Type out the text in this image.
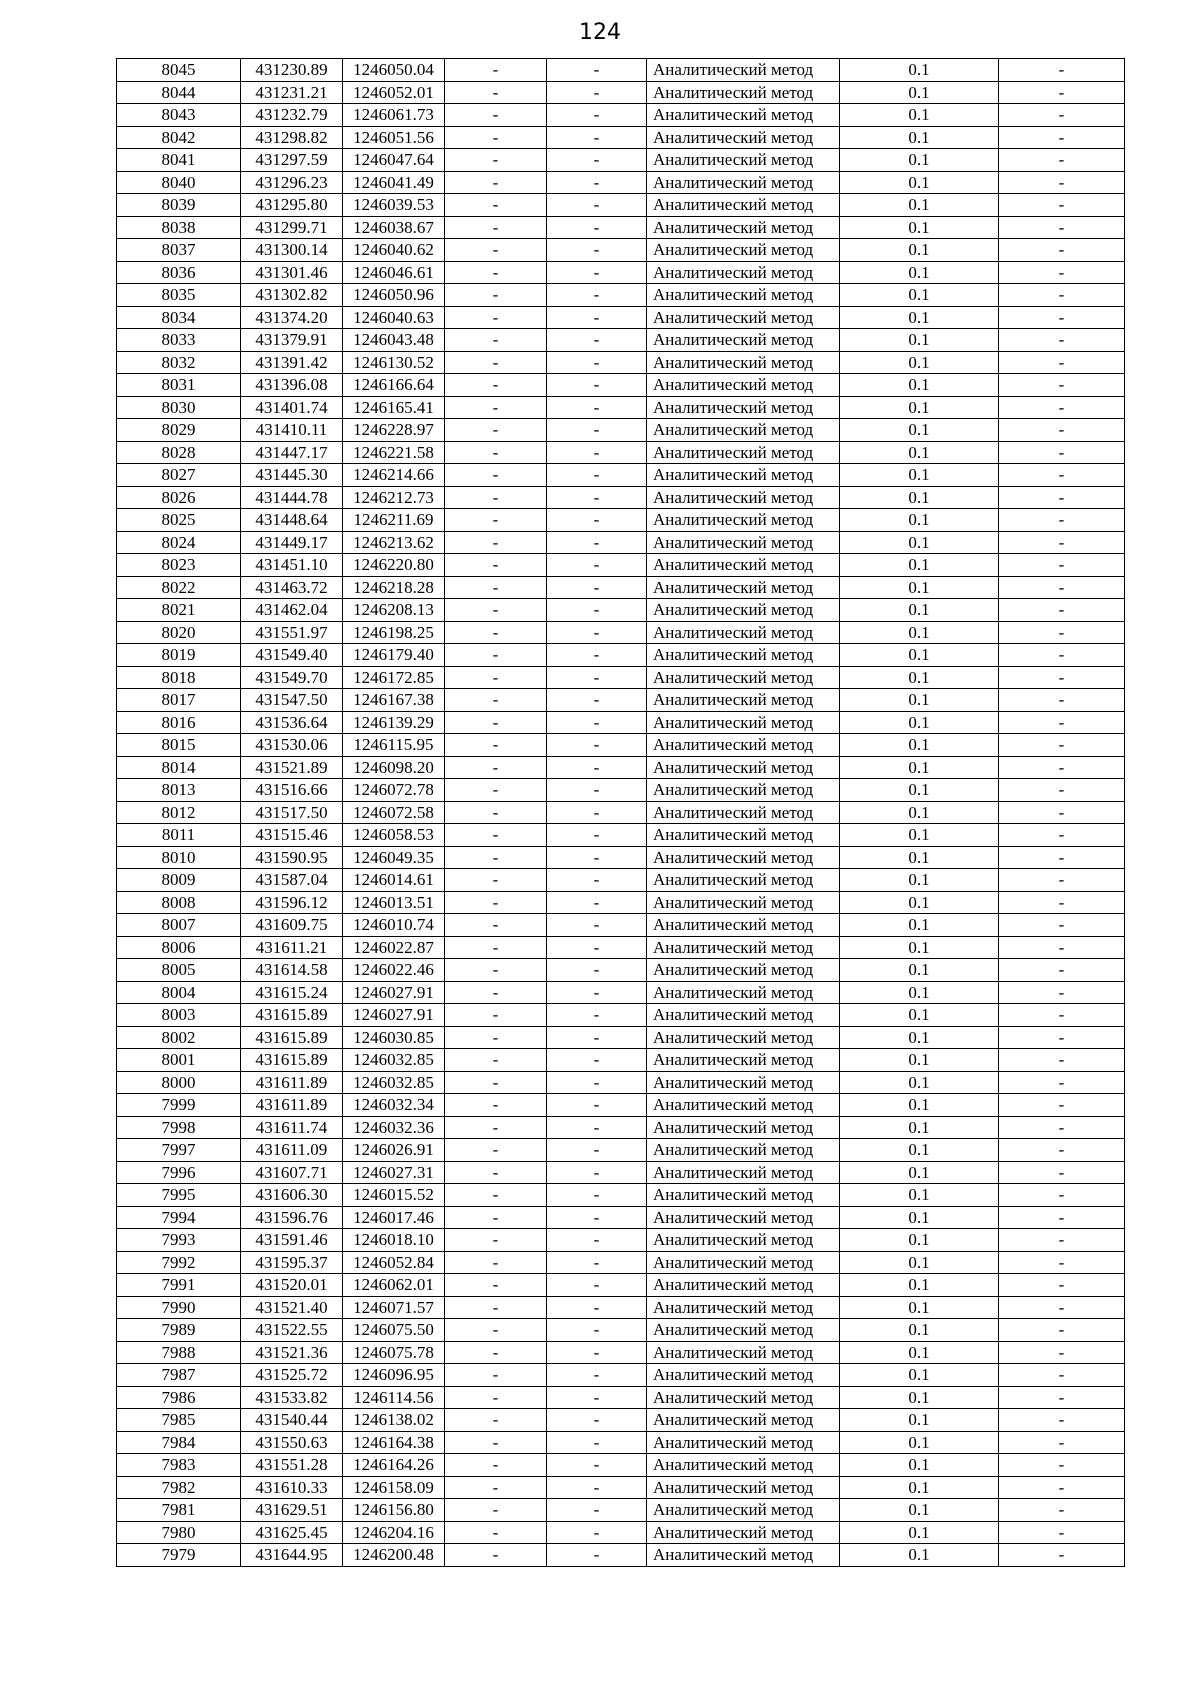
124
8045	431230.89	1246050.04	-	-	Аналитический метод	0.1	-
8044	431231.21	1246052.01	-	-	Аналитический метод	0.1	-
8043	431232.79	1246061.73	-	-	Аналитический метод	0.1	-
8042	431298.82	1246051.56	-	-	Аналитический метод	0.1	-
8041	431297.59	1246047.64	-	-	Аналитический метод	0.1	-
8040	431296.23	1246041.49	-	-	Аналитический метод	0.1	-
8039	431295.80	1246039.53	-	-	Аналитический метод	0.1	-
8038	431299.71	1246038.67	-	-	Аналитический метод	0.1	-
8037	431300.14	1246040.62	-	-	Аналитический метод	0.1	-
8036	431301.46	1246046.61	-	-	Аналитический метод	0.1	-
8035	431302.82	1246050.96	-	-	Аналитический метод	0.1	-
8034	431374.20	1246040.63	-	-	Аналитический метод	0.1	-
8033	431379.91	1246043.48	-	-	Аналитический метод	0.1	-
8032	431391.42	1246130.52	-	-	Аналитический метод	0.1	-
8031	431396.08	1246166.64	-	-	Аналитический метод	0.1	-
8030	431401.74	1246165.41	-	-	Аналитический метод	0.1	-
8029	431410.11	1246228.97	-	-	Аналитический метод	0.1	-
8028	431447.17	1246221.58	-	-	Аналитический метод	0.1	-
8027	431445.30	1246214.66	-	-	Аналитический метод	0.1	-
8026	431444.78	1246212.73	-	-	Аналитический метод	0.1	-
8025	431448.64	1246211.69	-	-	Аналитический метод	0.1	-
8024	431449.17	1246213.62	-	-	Аналитический метод	0.1	-
8023	431451.10	1246220.80	-	-	Аналитический метод	0.1	-
8022	431463.72	1246218.28	-	-	Аналитический метод	0.1	-
8021	431462.04	1246208.13	-	-	Аналитический метод	0.1	-
8020	431551.97	1246198.25	-	-	Аналитический метод	0.1	-
8019	431549.40	1246179.40	-	-	Аналитический метод	0.1	-
8018	431549.70	1246172.85	-	-	Аналитический метод	0.1	-
8017	431547.50	1246167.38	-	-	Аналитический метод	0.1	-
8016	431536.64	1246139.29	-	-	Аналитический метод	0.1	-
8015	431530.06	1246115.95	-	-	Аналитический метод	0.1	-
8014	431521.89	1246098.20	-	-	Аналитический метод	0.1	-
8013	431516.66	1246072.78	-	-	Аналитический метод	0.1	-
8012	431517.50	1246072.58	-	-	Аналитический метод	0.1	-
8011	431515.46	1246058.53	-	-	Аналитический метод	0.1	-
8010	431590.95	1246049.35	-	-	Аналитический метод	0.1	-
8009	431587.04	1246014.61	-	-	Аналитический метод	0.1	-
8008	431596.12	1246013.51	-	-	Аналитический метод	0.1	-
8007	431609.75	1246010.74	-	-	Аналитический метод	0.1	-
8006	431611.21	1246022.87	-	-	Аналитический метод	0.1	-
8005	431614.58	1246022.46	-	-	Аналитический метод	0.1	-
8004	431615.24	1246027.91	-	-	Аналитический метод	0.1	-
8003	431615.89	1246027.91	-	-	Аналитический метод	0.1	-
8002	431615.89	1246030.85	-	-	Аналитический метод	0.1	-
8001	431615.89	1246032.85	-	-	Аналитический метод	0.1	-
8000	431611.89	1246032.85	-	-	Аналитический метод	0.1	-
7999	431611.89	1246032.34	-	-	Аналитический метод	0.1	-
7998	431611.74	1246032.36	-	-	Аналитический метод	0.1	-
7997	431611.09	1246026.91	-	-	Аналитический метод	0.1	-
7996	431607.71	1246027.31	-	-	Аналитический метод	0.1	-
7995	431606.30	1246015.52	-	-	Аналитический метод	0.1	-
7994	431596.76	1246017.46	-	-	Аналитический метод	0.1	-
7993	431591.46	1246018.10	-	-	Аналитический метод	0.1	-
7992	431595.37	1246052.84	-	-	Аналитический метод	0.1	-
7991	431520.01	1246062.01	-	-	Аналитический метод	0.1	-
7990	431521.40	1246071.57	-	-	Аналитический метод	0.1	-
7989	431522.55	1246075.50	-	-	Аналитический метод	0.1	-
7988	431521.36	1246075.78	-	-	Аналитический метод	0.1	-
7987	431525.72	1246096.95	-	-	Аналитический метод	0.1	-
7986	431533.82	1246114.56	-	-	Аналитический метод	0.1	-
7985	431540.44	1246138.02	-	-	Аналитический метод	0.1	-
7984	431550.63	1246164.38	-	-	Аналитический метод	0.1	-
7983	431551.28	1246164.26	-	-	Аналитический метод	0.1	-
7982	431610.33	1246158.09	-	-	Аналитический метод	0.1	-
7981	431629.51	1246156.80	-	-	Аналитический метод	0.1	-
7980	431625.45	1246204.16	-	-	Аналитический метод	0.1	-
7979	431644.95	1246200.48	-	-	Аналитический метод	0.1	-
